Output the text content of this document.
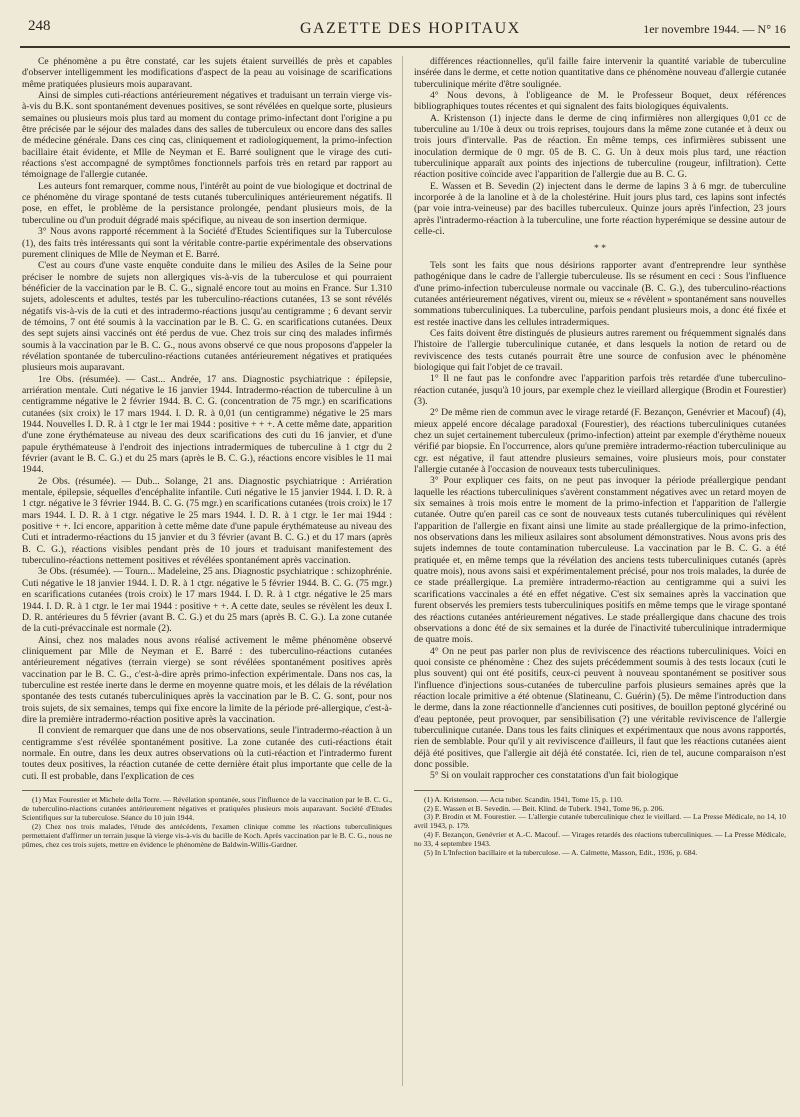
248	GAZETTE DES HOPITAUX	1er novembre 1944. — N° 16

Ce phénomène a pu être constaté, car les sujets étaient surveillés de près et capables d'observer intelligemment les modifications d'aspect de la peau au voisinage de scarifications même pratiquées plusieurs mois auparavant.

Ainsi de simples cuti-réactions antérieurement négatives et traduisant un terrain vierge vis-à-vis du B.K. sont spontanément devenues positives, se sont révélées en quelque sorte, plusieurs semaines ou plusieurs mois plus tard au moment du contage primo-infectant dont l'origine a pu être précisée par le séjour des malades dans des salles de tuberculeux ou encore dans des salles de médecine générale. Dans ces cinq cas, cliniquement et radiologiquement, la primo-infection bacillaire était évidente, et Mlle de Neyman et E. Barré soulignent que le virage des cuti-réactions s'est accompagné de symptômes fonctionnels parfois très en retard par rapport au témoignage de l'allergie cutanée.

Les auteurs font remarquer, comme nous, l'intérêt au point de vue biologique et doctrinal de ce phénomène du virage spontané de tests cutanés tuberculiniques antérieurement négatifs. Il pose, en effet, le problème de la persistance prolongée, pendant plusieurs mois, de la tuberculine ou d'un produit dégradé mais spécifique, au niveau de son insertion dermique.

3° Nous avons rapporté récemment à la Société d'Etudes Scientifiques sur la Tuberculose (1), des faits très intéressants qui sont la véritable contre-partie expérimentale des observations purement cliniques de Mlle de Neyman et E. Barré.

C'est au cours d'une vaste enquête conduite dans le milieu des Asiles de la Seine pour préciser le nombre de sujets non allergiques vis-à-vis de la tuberculose et qui pourraient bénéficier de la vaccination par le B. C. G., signalé encore tout au moins en France. Sur 1.310 sujets, adolescents et adultes, testés par les tuberculino-réactions cutanées, 13 se sont révélés négatifs vis-à-vis de la cuti et des intradermo-réactions jusqu'au centigramme ; 6 devant servir de témoins, 7 ont été soumis à la vaccination par le B. C. G. en scarifications cutanées. Deux des sept sujets ainsi vaccinés ont été perdus de vue. Chez trois sur cinq des malades infirmés soumis à la vaccination par le B. C. G., nous avons observé ce que nous proposons d'appeler la révélation spontanée de tuberculino-réactions cutanées antérieurement négatives et pratiquées plusieurs mois auparavant.

1re Obs. (résumée). — Cast... Andrée, 17 ans. Diagnostic psychiatrique : épilepsie, arriération mentale. Cuti négative le 16 janvier 1944. Intradermo-réaction de tuberculine à un centigramme négative le 2 février 1944. B. C. G. (concentration de 75 mgr.) en scarifications cutanées (six croix) le 17 mars 1944. I. D. R. à 0,01 (un centigramme) négative le 25 mars 1944. Nouvelles I. D. R. à 1 ctgr le 1er mai 1944 : positive + + +. A cette même date, apparition d'une zone érythémateuse au niveau des deux scarifications des cuti du 16 janvier, et d'une papule érythémateuse à l'endroit des injections intradermiques de tuberculine à 1 ctgr du 2 février (avant le B. C. G.) et du 25 mars (après le B. C. G.), réactions encore visibles le 11 mai 1944.

2e Obs. (résumée). — Dub... Solange, 21 ans. Diagnostic psychiatrique : Arriération mentale, épilepsie, séquelles d'encéphalite infantile. Cuti négative le 15 janvier 1944. I. D. R. à 1 ctgr. négative le 3 février 1944. B. C. G. (75 mgr.) en scarifications cutanées (trois croix) le 17 mars 1944. I. D. R. à 1 ctgr. négative le 25 mars 1944. I. D. R. à 1 ctgr. le 1er mai 1944 : positive + +. Ici encore, apparition à cette même date d'une papule érythémateuse au niveau des Cuti et intradermo-réactions du 15 janvier et du 3 février (avant B. C. G.) et du 17 mars (après B. C. G.), réactions visibles pendant près de 10 jours et traduisant manifestement des tuberculino-réactions nettement positives et révélées spontanément après vaccination.

3e Obs. (résumée). — Tourn... Madeleine, 25 ans. Diagnostic psychiatrique : schizophrénie. Cuti négative le 18 janvier 1944. I. D. R. à 1 ctgr. négative le 5 février 1944. B. C. G. (75 mgr.) en scarifications cutanées (trois croix) le 17 mars 1944. I. D. R. à 1 ctgr. négative le 25 mars 1944. I. D. R. à 1 ctgr. le 1er mai 1944 : positive + +. A cette date, seules se révèlent les deux I. D. R. antérieures du 5 février (avant B. C. G.) et du 25 mars (après B. C. G.). La zone cutanée de la cuti-prévaccinale est normale (2).

Ainsi, chez nos malades nous avons réalisé activement le même phénomène observé cliniquement par Mlle de Neyman et E. Barré : des tuberculino-réactions cutanées antérieurement négatives (terrain vierge) se sont révélées spontanément positives après vaccination par le B. C. G., c'est-à-dire après primo-infection expérimentale. Dans nos cas, la tuberculine est restée inerte dans le derme en moyenne quatre mois, et les délais de la révélation spontanée des tests cutanés tuberculiniques après la vaccination par le B. C. G. sont, pour nos trois sujets, de six semaines, temps qui fixe encore la limite de la période pré-allergique, c'est-à-dire la première intradermo-réaction positive après la vaccination.

Il convient de remarquer que dans une de nos observations, seule l'intradermo-réaction à un centigramme s'est révélée spontanément positive. La zone cutanée des cuti-réactions était normale. En outre, dans les deux autres observations où la cuti-réaction et l'intradermo furent toutes deux positives, la réaction cutanée de cette dernière était plus importante que celle de la cuti. Il est probable, dans l'explication de ces

(1) Max Fourestier et Michele della Torre. — Révélation spontanée, sous l'influence de la vaccination par le B. C. G., de tuberculino-réactions cutanées antérieurement négatives et pratiquées plusieurs mois auparavant. Société d'Etudes Scientifiques sur la tuberculose. Séance du 10 juin 1944.

(2) Chez nos trois malades, l'étude des antécédents, l'examen clinique comme les réactions tuberculiniques permettaient d'affirmer un terrain jusque là vierge vis-à-vis du bacille de Koch. Après vaccination par le B. C. G., nous ne pûmes, chez ces trois sujets, mettre en évidence le phénomène de Baldwin-Willis-Gardner.

différences réactionnelles, qu'il faille faire intervenir la quantité variable de tuberculine insérée dans le derme, et cette notion quantitative dans ce phénomène nouveau d'allergie cutanée tuberculinique mérite d'être soulignée.

4° Nous devons, à l'obligeance de M. le Professeur Boquet, deux références bibliographiques toutes récentes et qui signalent des faits biologiques équivalents.

A. Kristenson (1) injecte dans le derme de cinq infirmières non allergiques 0,01 cc de tuberculine au 1/10e à deux ou trois reprises, toujours dans la même zone cutanée et à deux ou trois jours d'intervalle. Pas de réaction. En même temps, ces infirmières subissent une inoculation dermique de 0 mgr. 05 de B. C. G. Un à deux mois plus tard, une réaction tuberculinique apparaît aux points des injections de tuberculine (rougeur, infiltration). Cette réaction positive coïncide avec l'apparition de l'allergie due au B. C. G.

E. Wassen et B. Sevedin (2) injectent dans le derme de lapins 3 à 6 mgr. de tuberculine incorporée à de la lanoline et à de la cholestérine. Huit jours plus tard, ces lapins sont infectés (par voie intra-veineuse) par des bacilles tuberculeux. Quinze jours après l'infection, 23 jours après l'intradermo-réaction à la tuberculine, une forte réaction hyperémique se dessine autour de celle-ci.

* *

Tels sont les faits que nous désirions rapporter avant d'entreprendre leur synthèse pathogénique dans le cadre de l'allergie tuberculeuse. Ils se résument en ceci : Sous l'influence d'une primo-infection tuberculeuse normale ou vaccinale (B. C. G.), des tuberculino-réactions cutanées antérieurement négatives, virent ou, mieux se « révèlent » spontanément sans nouvelles sommations tuberculiniques. La tuberculine, parfois pendant plusieurs mois, a donc été fixée et est restée inactive dans les cellules intradermiques.

Ces faits doivent être distingués de plusieurs autres rarement ou fréquemment signalés dans l'histoire de l'allergie tuberculinique cutanée, et dans lesquels la notion de retard ou de reviviscence des tests cutanés pourrait être une source de confusion avec le phénomène biologique qui fait l'objet de ce travail.

1° Il ne faut pas le confondre avec l'apparition parfois très retardée d'une tuberculino-réaction cutanée, jusqu'à 10 jours, par exemple chez le vieillard allergique (Brodin et Fourestier) (3).

2° De même rien de commun avec le virage retardé (F. Bezançon, Genévrier et Macouf) (4), mieux appelé encore décalage paradoxal (Fourestier), des réactions tuberculiniques cutanées chez un sujet certainement tuberculeux (primo-infection) atteint par exemple d'érythème noueux vérifié par biopsie. En l'occurrence, alors qu'une première intradermo-réaction tuberculinique au cgr. est négative, il faut attendre plusieurs semaines, voire plusieurs mois, pour constater l'allergie cutanée à l'occasion de nouveaux tests tuberculiniques.

3° Pour expliquer ces faits, on ne peut pas invoquer la période préallergique pendant laquelle les réactions tuberculiniques s'avèrent constamment négatives avec un retard moyen de six semaines à trois mois entre le moment de la primo-infection et l'apparition de l'allergie cutanée. Outre qu'en pareil cas ce sont de nouveaux tests cutanés tuberculiniques qui révèlent l'apparition de l'allergie en fixant ainsi une limite au stade préallergique de la primo-infection, nos observations dans les milieux asilaires sont absolument démonstratives. Nous avons pris des sujets indemnes de toute contamination tuberculeuse. La vaccination par le B. C. G. a été pratiquée et, en même temps que la révélation des anciens tests tuberculiniques cutanés (après quatre mois), nous avons saisi et expérimentalement précisé, pour nos trois malades, la durée de ce stade préallergique. La première intradermo-réaction au centigramme qui a suivi les scarifications vaccinales a été en effet négative. C'est six semaines après la vaccination que furent observés les premiers tests tuberculiniques positifs en même temps que le virage spontané des réactions cutanées antérieurement négatives. Le stade préallergique dans chacune des trois observations a donc été de six semaines et la durée de l'inactivité tuberculinique intradermique de quatre mois.

4° On ne peut pas parler non plus de reviviscence des réactions tuberculiniques. Voici en quoi consiste ce phénomène : Chez des sujets précédemment soumis à des tests locaux (cuti le plus souvent) qui ont été positifs, ceux-ci peuvent à nouveau spontanément se positiver sous l'influence d'injections sous-cutanées de tuberculine parfois plusieurs semaines après que la réaction locale primitive a été obtenue (Slatineanu, C. Guérin) (5). De même l'introduction dans le derme, dans la zone réactionnelle d'anciennes cuti positives, de bouillon peptoné glycériné ou d'eau peptonée, peut provoquer, par sensibilisation (?) une véritable reviviscence de l'allergie tuberculinique cutanée. Dans tous les faits cliniques et expérimentaux que nous avons rapportés, rien de semblable. Pour qu'il y ait reviviscence d'ailleurs, il faut que les réactions cutanées aient déjà été positives, que l'allergie ait déjà été constatée. Ici, rien de tel, aucune comparaison n'est donc possible.

5° Si on voulait rapprocher ces constatations d'un fait biologique

(1) A. Kristenson. — Acta tuber. Scandin. 1941, Tome 15, p. 110.

(2) E. Wassen et B. Sevedin. — Beit. Klind. de Tuberk. 1941, Tome 96, p. 206.

(3) P. Brodin et M. Fourestier. — L'allergie cutanée tuberculinique chez le vieillard. — La Presse Médicale, no 14, 10 avril 1943, p. 179.

(4) F. Bezançon, Genévrier et A.-C. Macouf. — Virages retardés des réactions tuberculiniques. — La Presse Médicale, no 33, 4 septembre 1943.

(5) In L'Infection bacillaire et la tuberculose. — A. Calmette, Masson, Edit., 1936, p. 684.
